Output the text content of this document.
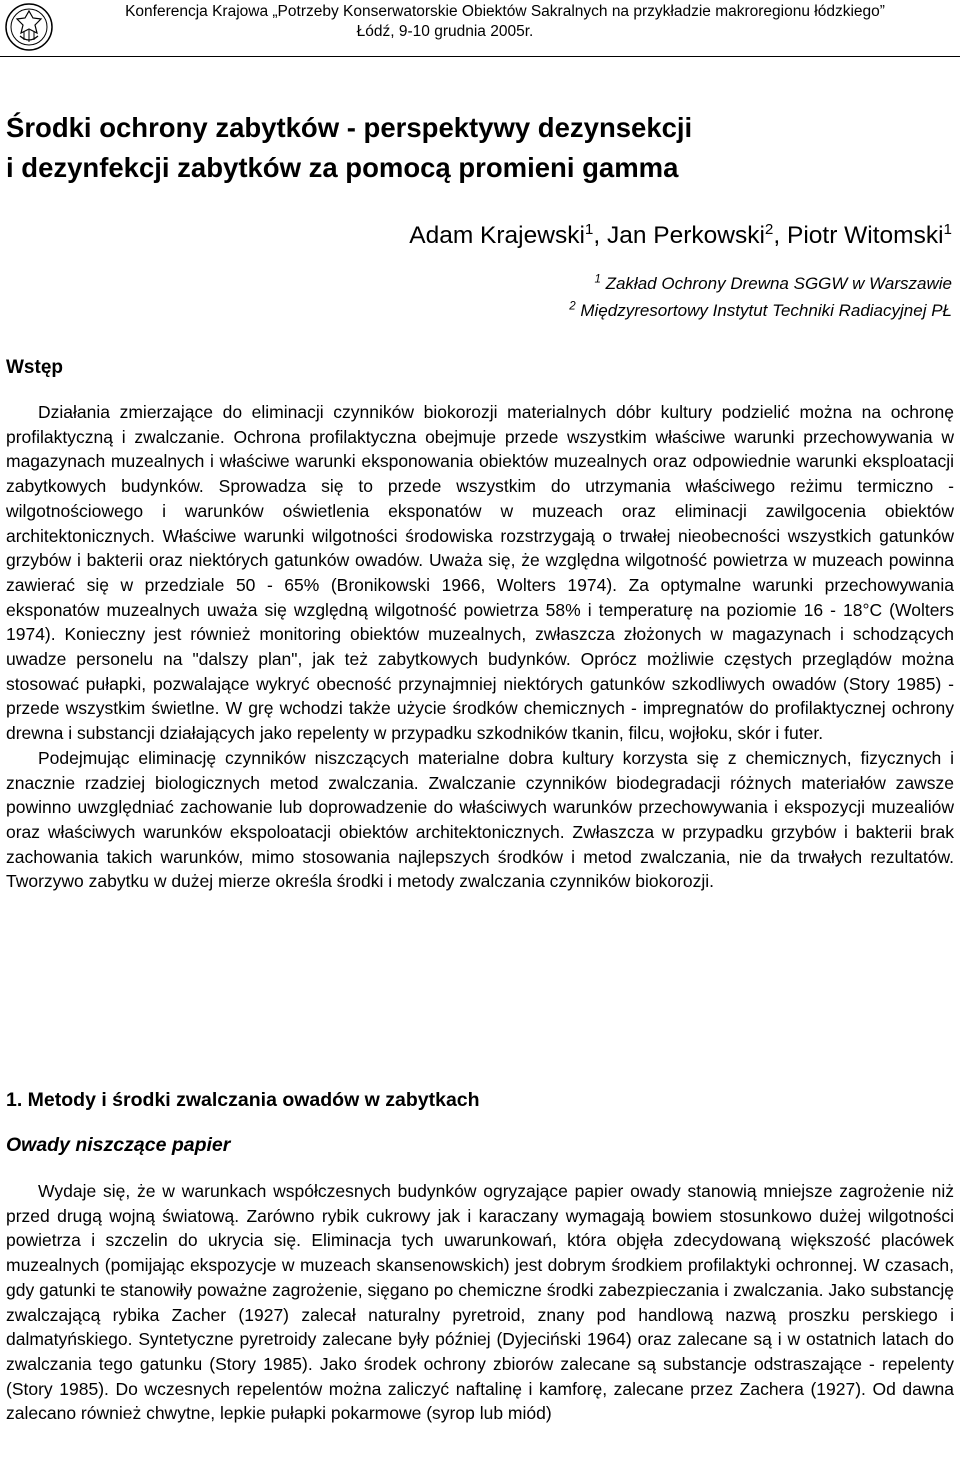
Konferencja Krajowa „Potrzeby Konserwatorskie Obiektów Sakralnych na przykładzie makroregionu łódzkiego”
Łódź, 9-10 grudnia 2005r.
Środki ochrony zabytków - perspektywy dezynsekcji
i dezynfekcji zabytków za pomocą promieni gamma
Adam Krajewski$^1$, Jan Perkowski$^2$, Piotr Witomski$^1$
$^1$ Zakład Ochrony Drewna SGGW w Warszawie
$^2$ Międzyresortowy Instytut Techniki Radiacyjnej PŁ
Wstęp

Działania zmierzające do eliminacji czynników biokorozji materialnych dóbr kultury podzielić można na ochronę profilaktyczną i zwalczanie. Ochrona profilaktyczna obejmuje przede wszystkim właściwe warunki przechowywania w magazynach muzealnych i właściwe warunki eksponowania obiektów muzealnych oraz odpowiednie warunki eksploatacji zabytkowych budynków. Sprowadza się to przede wszystkim do utrzymania właściwego reżimu termiczno - wilgotnościowego i warunków oświetlenia eksponatów w muzeach oraz eliminacji zawilgocenia obiektów architektonicznych. Właściwe warunki wilgotności środowiska rozstrzygają o trwałej nieobecności wszystkich gatunków grzybów i bakterii oraz niektórych gatunków owadów. Uważa się, że względna wilgotność powietrza w muzeach powinna zawierać się w przedziale 50 - 65% (Bronikowski 1966, Wolters 1974). Za optymalne warunki przechowywania eksponatów muzealnych uważa się względną wilgotność powietrza 58% i temperaturę na poziomie 16 - 18°C (Wolters 1974). Konieczny jest również monitoring obiektów muzealnych, zwłaszcza złożonych w magazynach i schodzących uwadze personelu na "dalszy plan", jak też zabytkowych budynków. Oprócz możliwie częstych przeglądów można stosować pułapki, pozwalające wykryć obecność przynajmniej niektórych gatunków szkodliwych owadów (Story 1985) - przede wszystkim świetlne. W grę wchodzi także użycie środków chemicznych - impregnatów do profilaktycznej ochrony drewna i substancji działających jako repelenty w przypadku szkodników tkanin, filcu, wojłoku, skór i futer.

Podejmując eliminację czynników niszczących materialne dobra kultury korzysta się z chemicznych, fizycznych i znacznie rzadziej biologicznych metod zwalczania. Zwalczanie czynników biodegradacji różnych materiałów zawsze powinno uwzględniać zachowanie lub doprowadzenie do właściwych warunków przechowywania i ekspozycji muzealiów oraz właściwych warunków ekspoloatacji obiektów architektonicznych. Zwłaszcza w przypadku grzybów i bakterii brak zachowania takich warunków, mimo stosowania najlepszych środków i metod zwalczania, nie da trwałych rezultatów. Tworzywo zabytku w dużej mierze określa środki i metody zwalczania czynników biokorozji.

1. Metody i środki zwalczania owadów w zabytkach
Owady niszczące papier

Wydaje się, że w warunkach współczesnych budynków ogryzające papier owady stanowią mniejsze zagrożenie niż przed drugą wojną światową. Zarówno rybik cukrowy jak i karaczany wymagają bowiem stosunkowo dużej wilgotności powietrza i szczelin do ukrycia się. Eliminacja tych uwarunkowań, która objęła zdecydowaną większość placówek muzealnych (pomijając ekspozycje w muzeach skansenowskich) jest dobrym środkiem profilaktyki ochronnej. W czasach, gdy gatunki te stanowiły poważne zagrożenie, sięgano po chemiczne środki zabezpieczania i zwalczania. Jako substancję zwalczającą rybika Zacher (1927) zalecał naturalny pyretroid, znany pod handlową nazwą proszku perskiego i dalmatyńskiego. Syntetyczne pyretroidy zalecane były później (Dyjeciński 1964) oraz zalecane są i w ostatnich latach do zwalczania tego gatunku (Story 1985). Jako środek ochrony zbiorów zalecane są substancje odstraszające - repelenty (Story 1985). Do wczesnych repelentów można zaliczyć naftalinę i kamforę, zalecane przez Zachera (1927). Od dawna zalecano również chwytne, lepkie pułapki pokarmowe (syrop lub miód)
